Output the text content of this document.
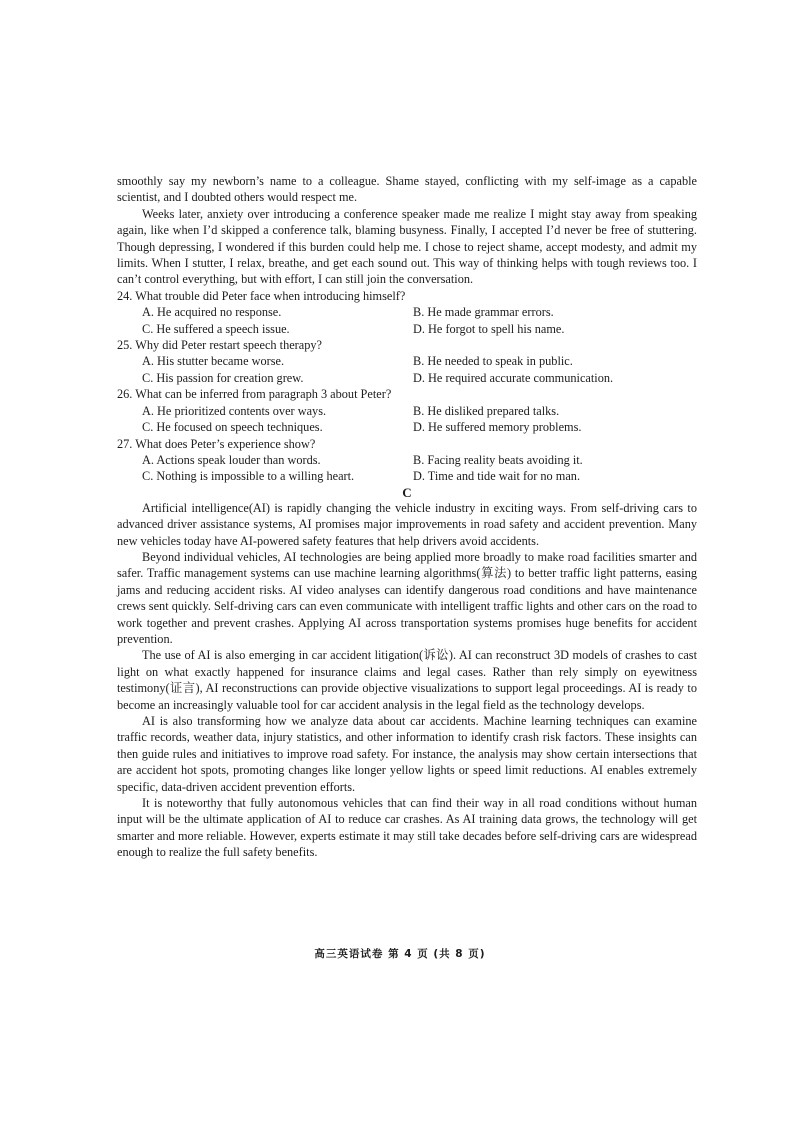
smoothly say my newborn’s name to a colleague. Shame stayed, conflicting with my self-image as a capable scientist, and I doubted others would respect me.

Weeks later, anxiety over introducing a conference speaker made me realize I might stay away from speaking again, like when I’d skipped a conference talk, blaming busyness. Finally, I accepted I’d never be free of stuttering. Though depressing, I wondered if this burden could help me. I chose to reject shame, accept modesty, and admit my limits. When I stutter, I relax, breathe, and get each sound out. This way of thinking helps with tough reviews too. I can’t control everything, but with effort, I can still join the conversation.

24. What trouble did Peter face when introducing himself?

A. He acquired no response.	B. He made grammar errors.
C. He suffered a speech issue.	D. He forgot to spell his name.

25. Why did Peter restart speech therapy?

A. His stutter became worse.	B. He needed to speak in public.
C. His passion for creation grew.	D. He required accurate communication.

26. What can be inferred from paragraph 3 about Peter?

A. He prioritized contents over ways.	B. He disliked prepared talks.
C. He focused on speech techniques.	D. He suffered memory problems.

27. What does Peter’s experience show?

A. Actions speak louder than words.	B. Facing reality beats avoiding it.
C. Nothing is impossible to a willing heart.	D. Time and tide wait for no man.

C

Artificial intelligence(AI) is rapidly changing the vehicle industry in exciting ways. From self-driving cars to advanced driver assistance systems, AI promises major improvements in road safety and accident prevention. Many new vehicles today have AI-powered safety features that help drivers avoid accidents.

Beyond individual vehicles, AI technologies are being applied more broadly to make road facilities smarter and safer. Traffic management systems can use machine learning algorithms(算法) to better traffic light patterns, easing jams and reducing accident risks. AI video analyses can identify dangerous road conditions and have maintenance crews sent quickly. Self-driving cars can even communicate with intelligent traffic lights and other cars on the road to work together and prevent crashes. Applying AI across transportation systems promises huge benefits for accident prevention.

The use of AI is also emerging in car accident litigation(诉讼). AI can reconstruct 3D models of crashes to cast light on what exactly happened for insurance claims and legal cases. Rather than rely simply on eyewitness testimony(证言), AI reconstructions can provide objective visualizations to support legal proceedings. AI is ready to become an increasingly valuable tool for car accident analysis in the legal field as the technology develops.

AI is also transforming how we analyze data about car accidents. Machine learning techniques can examine traffic records, weather data, injury statistics, and other information to identify crash risk factors. These insights can then guide rules and initiatives to improve road safety. For instance, the analysis may show certain intersections that are accident hot spots, promoting changes like longer yellow lights or speed limit reductions. AI enables extremely specific, data-driven accident prevention efforts.

It is noteworthy that fully autonomous vehicles that can find their way in all road conditions without human input will be the ultimate application of AI to reduce car crashes. As AI training data grows, the technology will get smarter and more reliable. However, experts estimate it may still take decades before self-driving cars are widespread enough to realize the full safety benefits.

高三英语试卷 第 4 页 (共 8 页)
